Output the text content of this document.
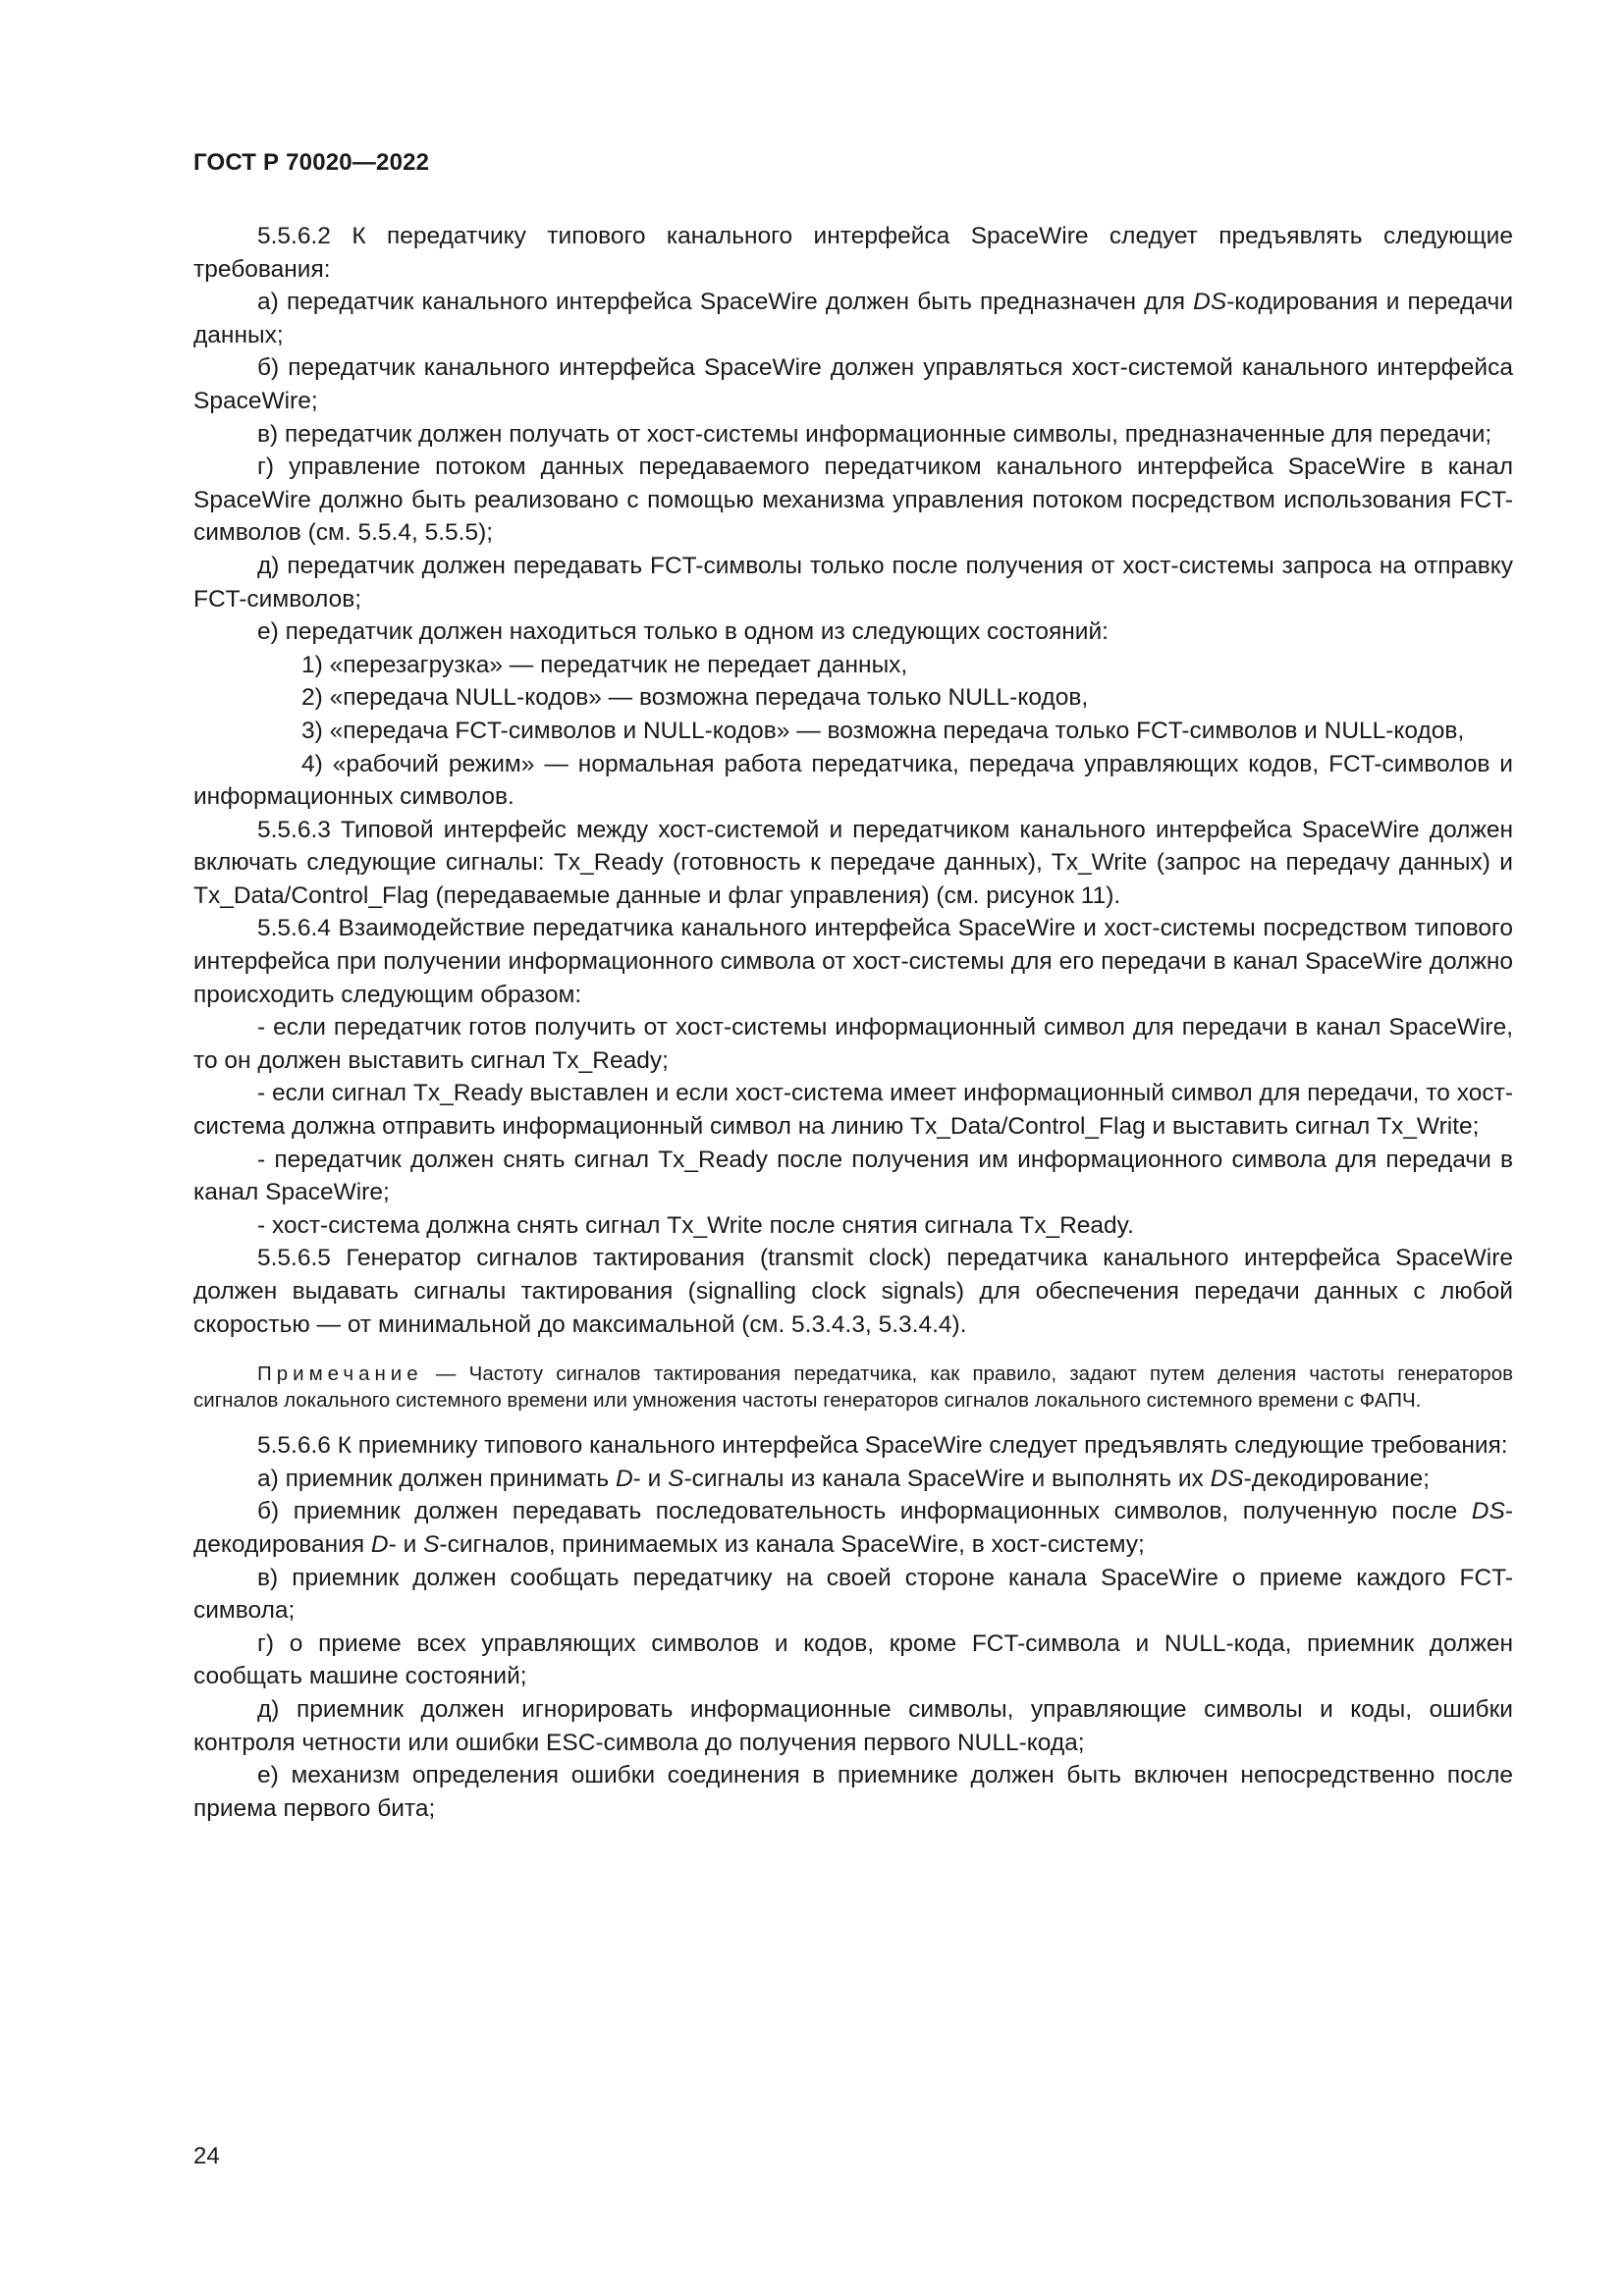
ГОСТ Р 70020—2022

5.5.6.2 К передатчику типового канального интерфейса SpaceWire следует предъявлять следующие требования:

а) передатчик канального интерфейса SpaceWire должен быть предназначен для DS-кодирования и передачи данных;

б) передатчик канального интерфейса SpaceWire должен управляться хост-системой канального интерфейса SpaceWire;

в) передатчик должен получать от хост-системы информационные символы, предназначенные для передачи;

г) управление потоком данных передаваемого передатчиком канального интерфейса SpaceWire в канал SpaceWire должно быть реализовано с помощью механизма управления потоком посредством использования FCT-символов (см. 5.5.4, 5.5.5);

д) передатчик должен передавать FCT-символы только после получения от хост-системы запроса на отправку FCT-символов;

е) передатчик должен находиться только в одном из следующих состояний:

1) «перезагрузка» — передатчик не передает данных,

2) «передача NULL-кодов» — возможна передача только NULL-кодов,

3) «передача FCT-символов и NULL-кодов» — возможна передача только FCT-символов и NULL-кодов,

4) «рабочий режим» — нормальная работа передатчика, передача управляющих кодов, FCT-символов и информационных символов.

5.5.6.3 Типовой интерфейс между хост-системой и передатчиком канального интерфейса SpaceWire должен включать следующие сигналы: Tx_Ready (готовность к передаче данных), Tx_Write (запрос на передачу данных) и Tx_Data/Control_Flag (передаваемые данные и флаг управления) (см. рисунок 11).

5.5.6.4 Взаимодействие передатчика канального интерфейса SpaceWire и хост-системы посредством типового интерфейса при получении информационного символа от хост-системы для его передачи в канал SpaceWire должно происходить следующим образом:

- если передатчик готов получить от хост-системы информационный символ для передачи в канал SpaceWire, то он должен выставить сигнал Tx_Ready;

- если сигнал Tx_Ready выставлен и если хост-система имеет информационный символ для передачи, то хост-система должна отправить информационный символ на линию Tx_Data/Control_Flag и выставить сигнал Tx_Write;

- передатчик должен снять сигнал Tx_Ready после получения им информационного символа для передачи в канал SpaceWire;

- хост-система должна снять сигнал Tx_Write после снятия сигнала Tx_Ready.

5.5.6.5 Генератор сигналов тактирования (transmit clock) передатчика канального интерфейса SpaceWire должен выдавать сигналы тактирования (signalling clock signals) для обеспечения передачи данных с любой скоростью — от минимальной до максимальной (см. 5.3.4.3, 5.3.4.4).

Примечание — Частоту сигналов тактирования передатчика, как правило, задают путем деления частоты генераторов сигналов локального системного времени или умножения частоты генераторов сигналов локального системного времени с ФАПЧ.

5.5.6.6 К приемнику типового канального интерфейса SpaceWire следует предъявлять следующие требования:

а) приемник должен принимать D- и S-сигналы из канала SpaceWire и выполнять их DS-декодирование;

б) приемник должен передавать последовательность информационных символов, полученную после DS-декодирования D- и S-сигналов, принимаемых из канала SpaceWire, в хост-систему;

в) приемник должен сообщать передатчику на своей стороне канала SpaceWire о приеме каждого FCT-символа;

г) о приеме всех управляющих символов и кодов, кроме FCT-символа и NULL-кода, приемник должен сообщать машине состояний;

д) приемник должен игнорировать информационные символы, управляющие символы и коды, ошибки контроля четности или ошибки ESC-символа до получения первого NULL-кода;

е) механизм определения ошибки соединения в приемнике должен быть включен непосредственно после приема первого бита;

24
